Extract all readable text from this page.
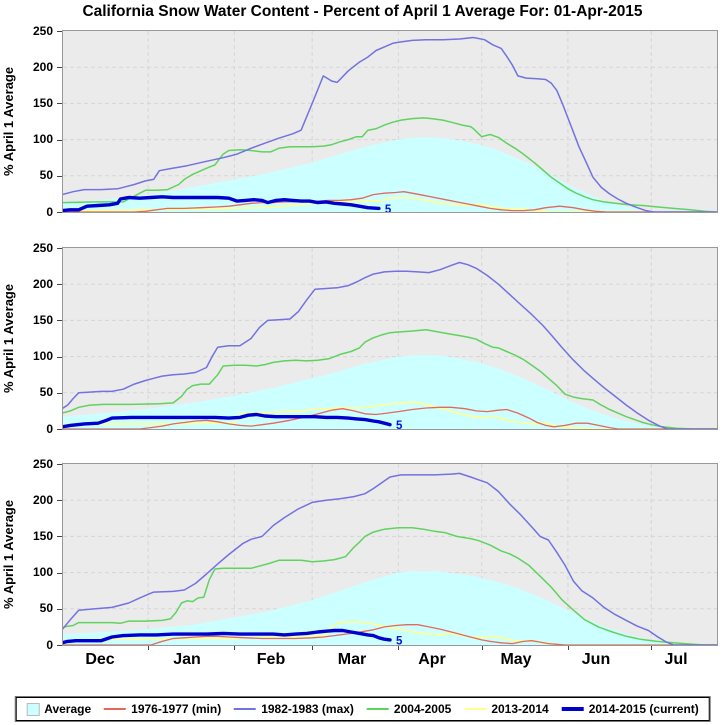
California Snow Water Content - Percent of April 1 Average For: 01-Apr-2015
% April 1 Average
5
0
50
100
150
200
250
% April 1 Average
5
0
50
100
150
200
250
% April 1 Average
5
0
50
100
150
200
250
Dec	Jan	Feb	Mar	Apr	May	Jun	Jul
Average	1976-1977 (min)	1982-1983 (max)	2004-2005	2013-2014	2014-2015 (current)
